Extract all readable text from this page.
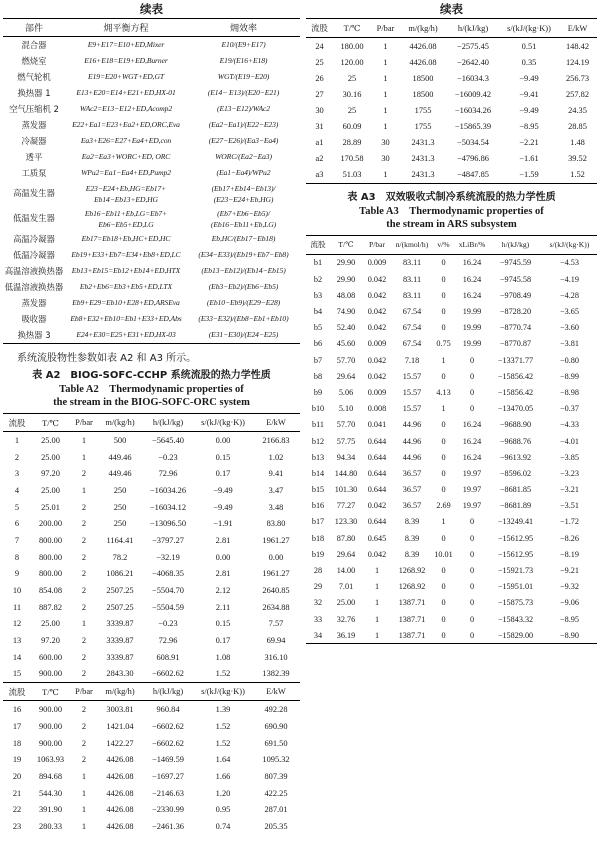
续表
部件	㶲平衡方程	㶲效率
混合器	E9+E17=E10+ED,Mixer	E10/(E9+E17)
燃烧室	E16+E18=E19+ED,Burner	E19/(E16+E18)
燃气轮机	E19=E20+WGT+ED,GT	WGT/(E19−E20)
换热器 1	E13+E20=E14+E21+ED,HX-01	(E14− E13)/(E20−E21)
空气压缩机 2	WAc2=E13−E12+ED,Acomp2	(E13−E12)/WAc2
蒸发器	E22+Ea1=E23+Ea2+ED,ORC,Eva	(Ea2−Ea1)/(E22−E23)
冷凝器	Ea3+E26=E27+Ea4+ED,con	(E27−E26)/(Ea3−Ea4)
透平	Ea2=Ea3+WORC+ED, ORC	WORC/(Ea2−Ea3)
工质泵	WPu2=Ea1−Ea4+ED,Pump2	(Ea1−Ea4)/WPu2
高温发生器	E23−E24+Eb,HG=Eb17+ Eb14−Eb13+ED,HG	(Eb17+Eb14−Eb13)/ (E23−E24+Eb,HG)
低温发生器	Eb16−Eb11+Eb,LG=Eb7+ Eb6−Eb5+ED,LG	(Eb7+Eb6−Eb5)/ (Eb16−Eb11+Eb,LG)
高温冷凝器	Eb17=Eb18+Eb,HC+ED,HC	Eb,HC/(Eb17−Eb18)
低温冷凝器	Eb19+E33+Eb7=E34+Eb8+ED,LC	(E34−E33)/(Eb19+Eb7−Eb8)
高温溶液换热器	Eb13+Eb15=Eb12+Eb14+ED,HTX	(Eb13−Eb12)/(Eb14−Eb15)
低温溶液换热器	Eb2+Eb6=Eb3+Eb5+ED,LTX	(Eb3−Eb2)/(Eb6−Eb5)
蒸发器	Eb9+E29=Eb10+E28+ED,ARSEva	(Eb10−Eb9)/(E29−E28)
吸收器	Eb8+E32+Eb10=Eb1+E33+ED,Abs	(E33−E32)/(Eb8−Eb1+Eb10)
换热器 3	E24+E30=E25+E31+ED,HX-03	(E31−E30)/(E24−E25)
系统流股物性参数如表 A2 和 A3 所示。
表 A2　BIOG-SOFC-CCHP 系统流股的热力学性质
Table A2　Thermodynamic properties of
the stream in the BIOG-SOFC-ORC system
流股	T/℃	P/bar	m/(kg/h)	h/(kJ/kg)	s/(kJ/(kg·K))	E/kW
1	25.00	1	500	−5645.40	0.00	2166.83
2	25.00	1	449.46	−0.23	0.15	1.02
3	97.20	2	449.46	72.96	0.17	9.41
4	25.00	1	250	−16034.26	−9.49	3.47
5	25.01	2	250	−16034.12	−9.49	3.48
6	200.00	2	250	−13096.50	−1.91	83.80
7	800.00	2	1164.41	−3797.27	2.81	1961.27
8	800.00	2	78.2	−32.19	0.00	0.00
9	800.00	2	1086.21	−4068.35	2.81	1961.27
10	854.08	2	2507.25	−5504.70	2.12	2640.85
11	887.82	2	2507.25	−5504.59	2.11	2634.88
12	25.00	1	3339.87	−0.23	0.15	7.57
13	97.20	2	3339.87	72.96	0.17	69.94
14	600.00	2	3339.87	608.91	1.08	316.10
15	900.00	2	2843.30	−6602.62	1.52	1382.39
流股	T/℃	P/bar	m/(kg/h)	h/(kJ/kg)	s/(kJ/(kg·K))	E/kW
16	900.00	2	3003.81	960.84	1.39	492.28
17	900.00	2	1421.04	−6602.62	1.52	690.90
18	900.00	2	1422.27	−6602.62	1.52	691.50
19	1063.93	2	4426.08	−1469.59	1.64	1095.32
20	894.68	1	4426.08	−1697.27	1.66	807.39
21	544.30	1	4426.08	−2146.63	1.20	422.25
22	391.90	1	4426.08	−2330.99	0.95	287.01
23	280.33	1	4426.08	−2461.36	0.74	205.35
续表
流股	T/℃	P/bar	m/(kg/h)	h/(kJ/kg)	s/(kJ/(kg·K))	E/kW
24	180.00	1	4426.08	−2575.45	0.51	148.42
25	120.00	1	4426.08	−2642.40	0.35	124.19
26	25	1	18500	−16034.3	−9.49	256.73
27	30.16	1	18500	−16009.42	−9.41	257.82
30	25	1	1755	−16034.26	−9.49	24.35
31	60.09	1	1755	−15865.39	−8.95	28.85
a1	28.89	30	2431.3	−5034.54	−2.21	1.48
a2	170.58	30	2431.3	−4796.86	−1.61	39.52
a3	51.03	1	2431.3	−4847.85	−1.59	1.52
表 A3　双效吸收式制冷系统流股的热力学性质
Table A3　Thermodynamic properties of
the stream in ARS subsystem
流股	T/℃	P/bar	n/(kmol/h)	v/%	xLiBr/%	h/(kJ/kg)	s/(kJ/(kg·K))
b1	29.90	0.009	83.11	0	16.24	−9745.59	−4.53
b2	29.90	0.042	83.11	0	16.24	−9745.58	−4.19
b3	48.08	0.042	83.11	0	16.24	−9708.49	−4.28
b4	74.90	0.042	67.54	0	19.99	−8728.20	−3.65
b5	52.40	0.042	67.54	0	19.99	−8770.74	−3.60
b6	45.60	0.009	67.54	0.75	19.99	−8770.87	−3.81
b7	57.70	0.042	7.18	1	0	−13371.77	−0.80
b8	29.64	0.042	15.57	0	0	−15856.42	−8.99
b9	5.06	0.009	15.57	4.13	0	−15856.42	−8.98
b10	5.10	0.008	15.57	1	0	−13470.05	−0.37
b11	57.70	0.041	44.96	0	16.24	−9688.90	−4.33
b12	57.75	0.644	44.96	0	16.24	−9688.76	−4.01
b13	94.34	0.644	44.96	0	16.24	−9613.92	−3.85
b14	144.80	0.644	36.57	0	19.97	−8596.02	−3.23
b15	101.30	0.644	36.57	0	19.97	−8681.85	−3.21
b16	77.27	0.042	36.57	2.69	19.97	−8681.89	−3.51
b17	123.30	0.644	8.39	1	0	−13249.41	−1.72
b18	87.80	0.645	8.39	0	0	−15612.95	−8.26
b19	29.64	0.042	8.39	10.01	0	−15612.95	−8.19
28	14.00	1	1268.92	0	0	−15921.73	−9.21
29	7.01	1	1268.92	0	0	−15951.01	−9.32
32	25.00	1	1387.71	0	0	−15875.73	−9.06
33	32.76	1	1387.71	0	0	−15843.32	−8.95
34	36.19	1	1387.71	0	0	−15829.00	−8.90
